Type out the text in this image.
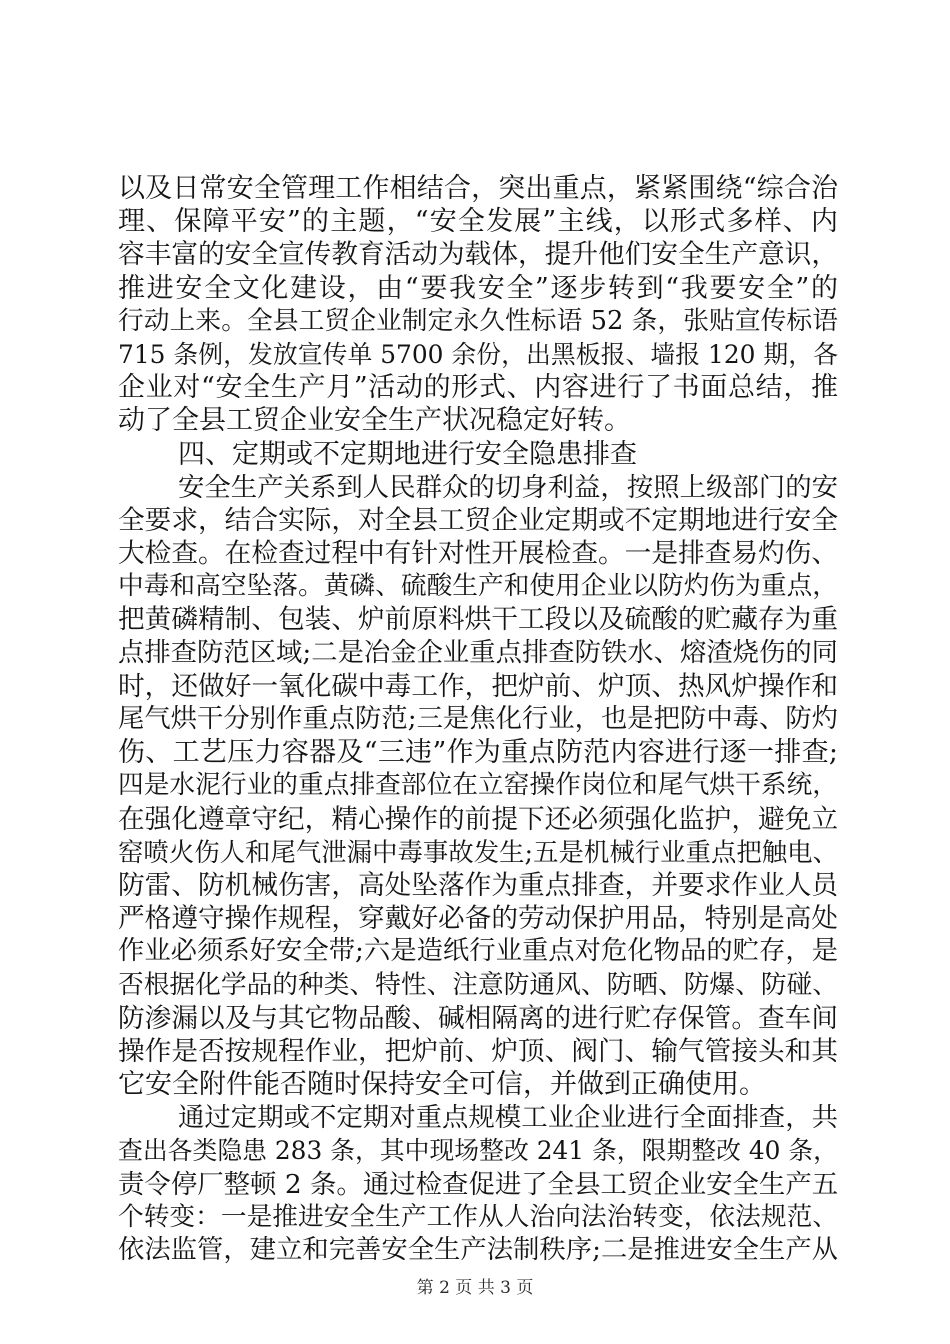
以及日常安全管理工作相结合，突出重点，紧紧围绕“综合治
理、保障平安”的主题，“安全发展”主线，以形式多样、内
容丰富的安全宣传教育活动为载体，提升他们安全生产意识，
推进安全文化建设，由“要我安全”逐步转到“我要安全”的
行动上来。全县工贸企业制定永久性标语 52 条，张贴宣传标语
715 条例，发放宣传单 5700 余份，出黑板报、墙报 120 期，各
企业对“安全生产月”活动的形式、内容进行了书面总结，推
动了全县工贸企业安全生产状况稳定好转。
四、定期或不定期地进行安全隐患排查
安全生产关系到人民群众的切身利益，按照上级部门的安
全要求，结合实际，对全县工贸企业定期或不定期地进行安全
大检查。在检查过程中有针对性开展检查。一是排查易灼伤、
中毒和高空坠落。黄磷、硫酸生产和使用企业以防灼伤为重点，
把黄磷精制、包装、炉前原料烘干工段以及硫酸的贮藏存为重
点排查防范区域;二是冶金企业重点排查防铁水、熔渣烧伤的同
时，还做好一氧化碳中毒工作，把炉前、炉顶、热风炉操作和
尾气烘干分别作重点防范;三是焦化行业，也是把防中毒、防灼
伤、工艺压力容器及“三违”作为重点防范内容进行逐一排查;
四是水泥行业的重点排查部位在立窑操作岗位和尾气烘干系统，
在强化遵章守纪，精心操作的前提下还必须强化监护，避免立
窑喷火伤人和尾气泄漏中毒事故发生;五是机械行业重点把触电、
防雷、防机械伤害，高处坠落作为重点排查，并要求作业人员
严格遵守操作规程，穿戴好必备的劳动保护用品，特别是高处
作业必须系好安全带;六是造纸行业重点对危化物品的贮存，是
否根据化学品的种类、特性、注意防通风、防晒、防爆、防碰、
防渗漏以及与其它物品酸、碱相隔离的进行贮存保管。查车间
操作是否按规程作业，把炉前、炉顶、阀门、输气管接头和其
它安全附件能否随时保持安全可信，并做到正确使用。
通过定期或不定期对重点规模工业企业进行全面排查，共
查出各类隐患 283 条，其中现场整改 241 条，限期整改 40 条，
责令停厂整顿 2 条。通过检查促进了全县工贸企业安全生产五
个转变：一是推进安全生产工作从人治向法治转变，依法规范、
依法监管，建立和完善安全生产法制秩序;二是推进安全生产从
第 2 页 共 3 页
